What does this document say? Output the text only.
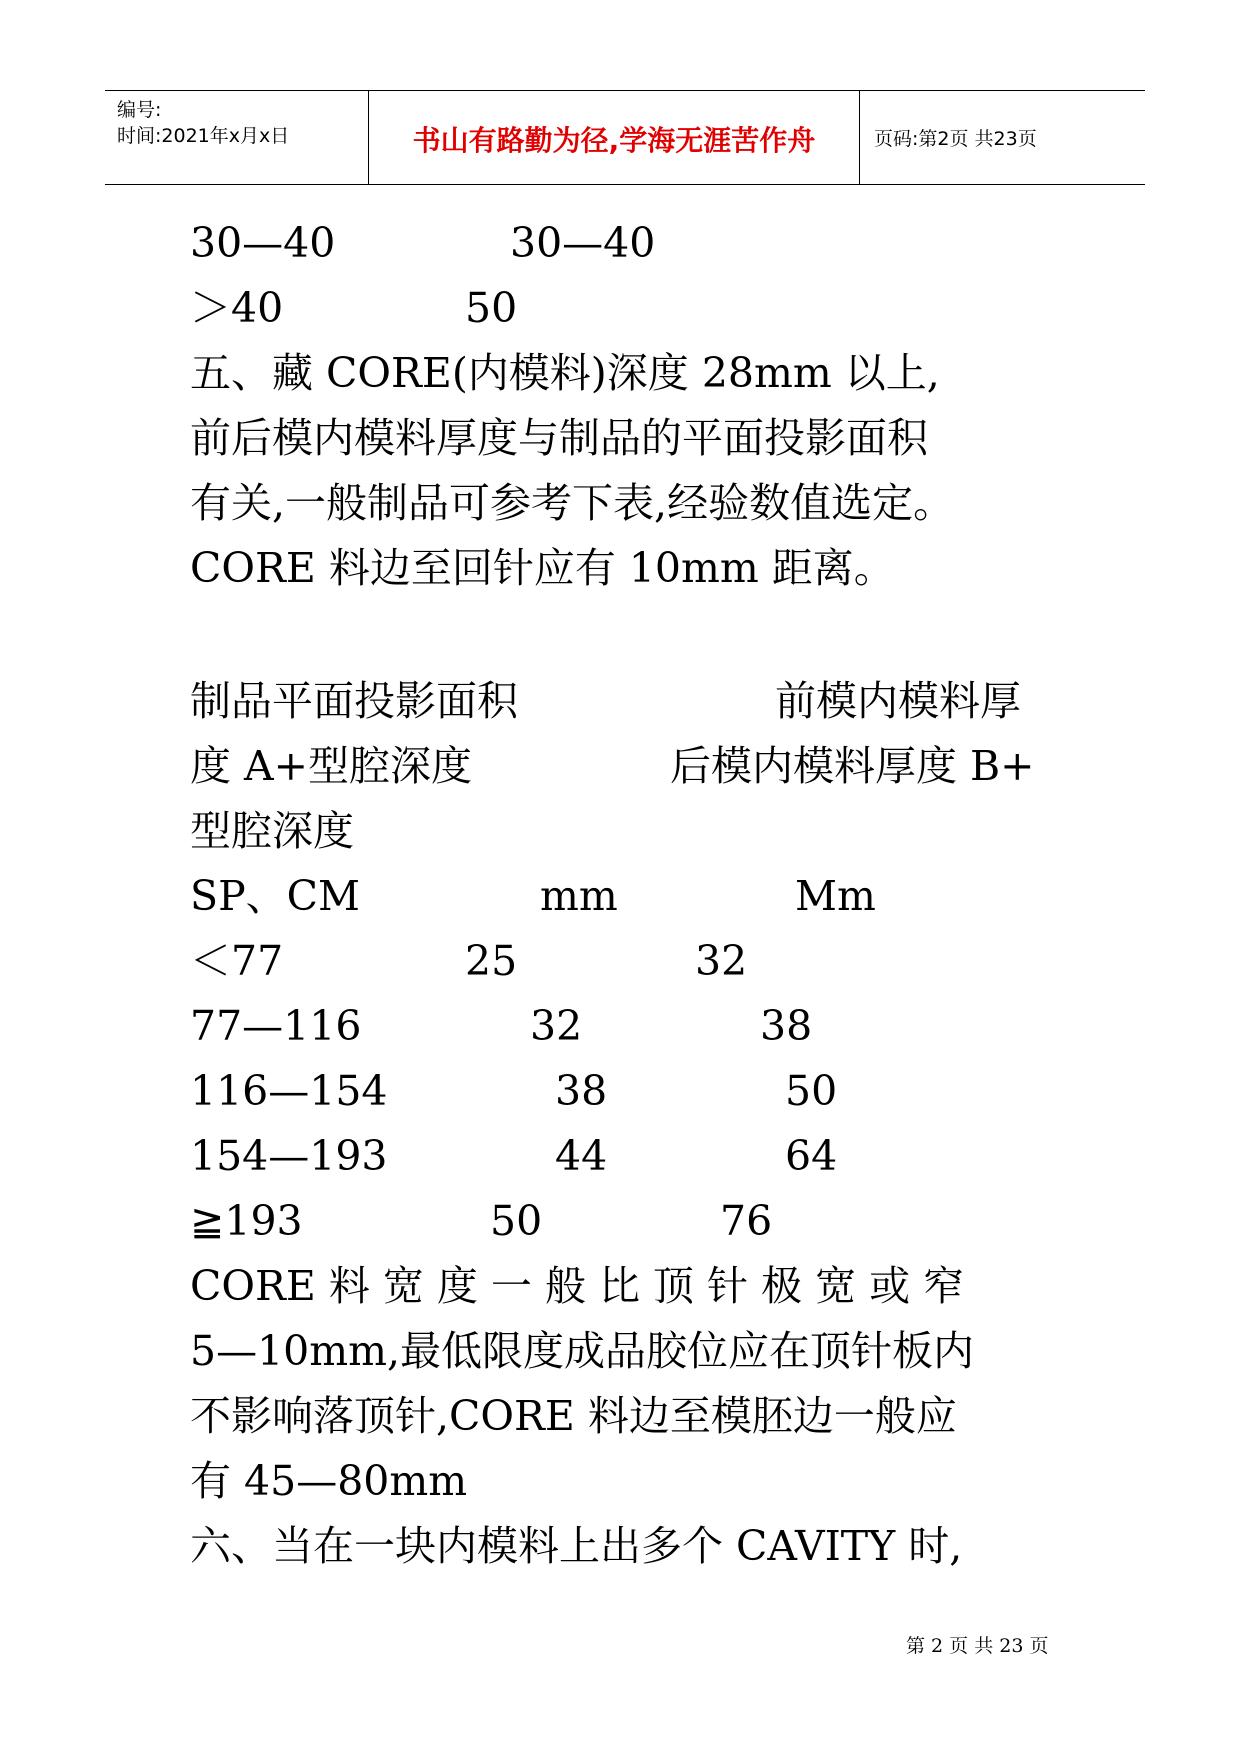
编号:
时间:2021年x月x日	书山有路勤为径,学海无涯苦作舟	页码:第2页 共23页
30—40	30—40
＞40	50
五、藏 CORE(内模料)深度 28mm 以上,
前后模内模料厚度与制品的平面投影面积
有关,一般制品可参考下表,经验数值选定。
CORE 料边至回针应有 10mm 距离。
制品平面投影面积	前模内模料厚
度 A+型腔深度	后模内模料厚度 B+
型腔深度
SP、CM	mm	Mm
＜77	25	32
77—116	32	38
116—154	38	50
154—193	44	64
≧193	50	76
CORE 料 宽 度 一 般 比 顶 针 极 宽 或 窄
5—10mm,最低限度成品胶位应在顶针板内
不影响落顶针,CORE 料边至模胚边一般应
有 45—80mm
六、当在一块内模料上出多个 CAVITY 时,
第 2 页 共 23 页
